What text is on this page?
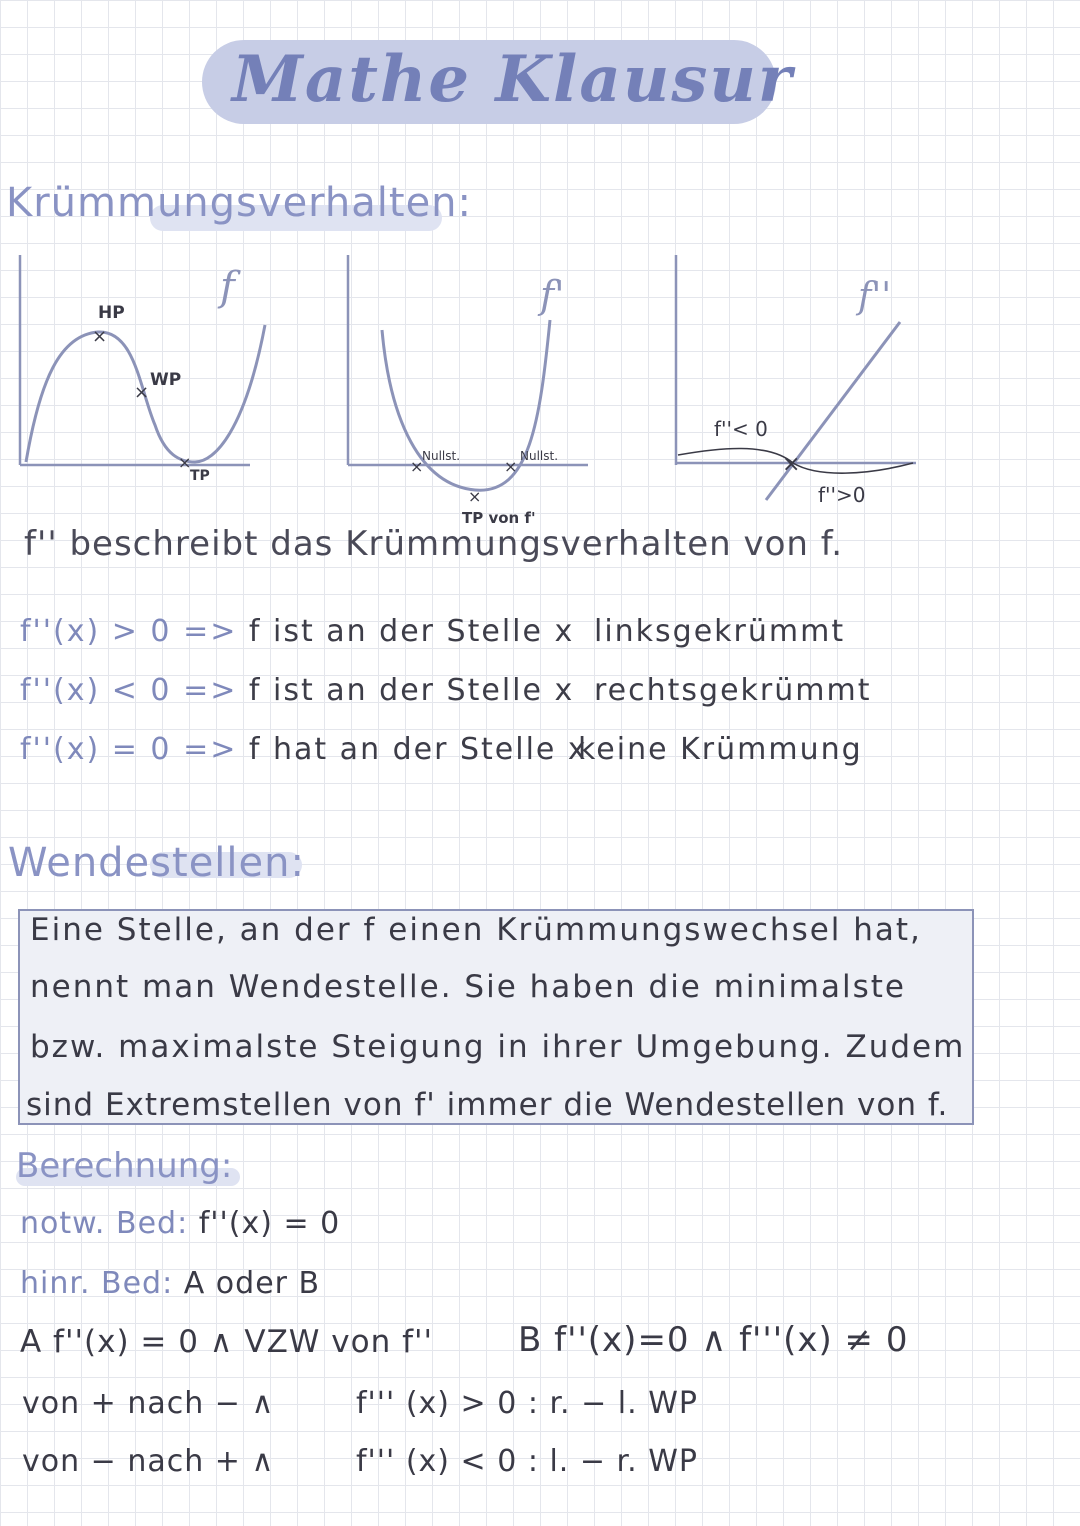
Mathe Klausur
Krümmungsverhalten:
HP
×
×
WP
×
TP
f
×
Nullst.
×
Nullst.
×
TP von f'
f'
×
f''< 0
f''>0
f''
f'' beschreibt das Krümmungsverhalten von f.
f''(x) > 0 => f ist an der Stelle x linksgekrümmt
f''(x) < 0 => f ist an der Stelle x rechtsgekrümmt
f''(x) = 0 => f hat an der Stelle x
keine Krümmung
Wendestellen:
Eine Stelle, an der f einen Krümmungswechsel hat,
nennt man Wendestelle. Sie haben die minimalste
bzw. maximalste Steigung in ihrer Umgebung. Zudem
sind Extremstellen von f' immer die Wendestellen von f.
Berechnung:
notw. Bed: f''(x) = 0
hinr. Bed: A oder B
A f''(x) = 0 ∧ VZW von f'' B f''(x)=0 ∧ f'''(x) ≠ 0
von + nach − ∧	f''' (x) > 0 : r. − l. WP
von − nach + ∧	f''' (x) < 0 : l. − r. WP
